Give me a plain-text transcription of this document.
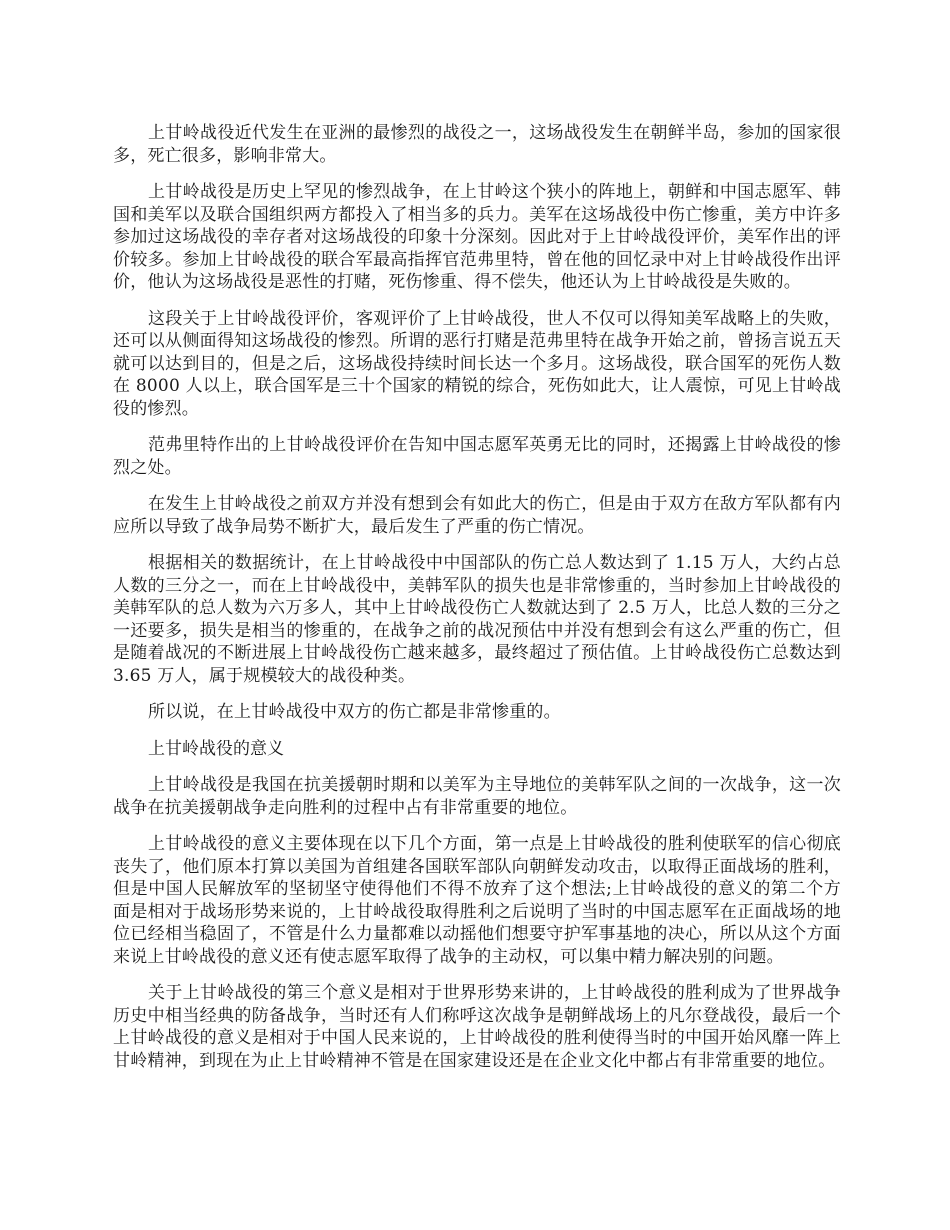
上甘岭战役近代发生在亚洲的最惨烈的战役之一，这场战役发生在朝鲜半岛，参加的国家很多，死亡很多，影响非常大。

上甘岭战役是历史上罕见的惨烈战争，在上甘岭这个狭小的阵地上，朝鲜和中国志愿军、韩国和美军以及联合国组织两方都投入了相当多的兵力。美军在这场战役中伤亡惨重，美方中许多参加过这场战役的幸存者对这场战役的印象十分深刻。因此对于上甘岭战役评价，美军作出的评价较多。参加上甘岭战役的联合军最高指挥官范弗里特，曾在他的回忆录中对上甘岭战役作出评价，他认为这场战役是恶性的打赌，死伤惨重、得不偿失，他还认为上甘岭战役是失败的。

这段关于上甘岭战役评价，客观评价了上甘岭战役，世人不仅可以得知美军战略上的失败，还可以从侧面得知这场战役的惨烈。所谓的恶行打赌是范弗里特在战争开始之前，曾扬言说五天就可以达到目的，但是之后，这场战役持续时间长达一个多月。这场战役，联合国军的死伤人数在 8000 人以上，联合国军是三十个国家的精锐的综合，死伤如此大，让人震惊，可见上甘岭战役的惨烈。

范弗里特作出的上甘岭战役评价在告知中国志愿军英勇无比的同时，还揭露上甘岭战役的惨烈之处。

在发生上甘岭战役之前双方并没有想到会有如此大的伤亡，但是由于双方在敌方军队都有内应所以导致了战争局势不断扩大，最后发生了严重的伤亡情况。

根据相关的数据统计，在上甘岭战役中中国部队的伤亡总人数达到了 1.15 万人，大约占总人数的三分之一，而在上甘岭战役中，美韩军队的损失也是非常惨重的，当时参加上甘岭战役的美韩军队的总人数为六万多人，其中上甘岭战役伤亡人数就达到了 2.5 万人，比总人数的三分之一还要多，损失是相当的惨重的，在战争之前的战况预估中并没有想到会有这么严重的伤亡，但是随着战况的不断进展上甘岭战役伤亡越来越多，最终超过了预估值。上甘岭战役伤亡总数达到 3.65 万人，属于规模较大的战役种类。

所以说，在上甘岭战役中双方的伤亡都是非常惨重的。

上甘岭战役的意义

上甘岭战役是我国在抗美援朝时期和以美军为主导地位的美韩军队之间的一次战争，这一次战争在抗美援朝战争走向胜利的过程中占有非常重要的地位。

上甘岭战役的意义主要体现在以下几个方面，第一点是上甘岭战役的胜利使联军的信心彻底丧失了，他们原本打算以美国为首组建各国联军部队向朝鲜发动攻击，以取得正面战场的胜利，但是中国人民解放军的坚韧坚守使得他们不得不放弃了这个想法;上甘岭战役的意义的第二个方面是相对于战场形势来说的，上甘岭战役取得胜利之后说明了当时的中国志愿军在正面战场的地位已经相当稳固了，不管是什么力量都难以动摇他们想要守护军事基地的决心，所以从这个方面来说上甘岭战役的意义还有使志愿军取得了战争的主动权，可以集中精力解决别的问题。

关于上甘岭战役的第三个意义是相对于世界形势来讲的，上甘岭战役的胜利成为了世界战争历史中相当经典的防备战争，当时还有人们称呼这次战争是朝鲜战场上的凡尔登战役，最后一个上甘岭战役的意义是相对于中国人民来说的，上甘岭战役的胜利使得当时的中国开始风靡一阵上甘岭精神，到现在为止上甘岭精神不管是在国家建设还是在企业文化中都占有非常重要的地位。
